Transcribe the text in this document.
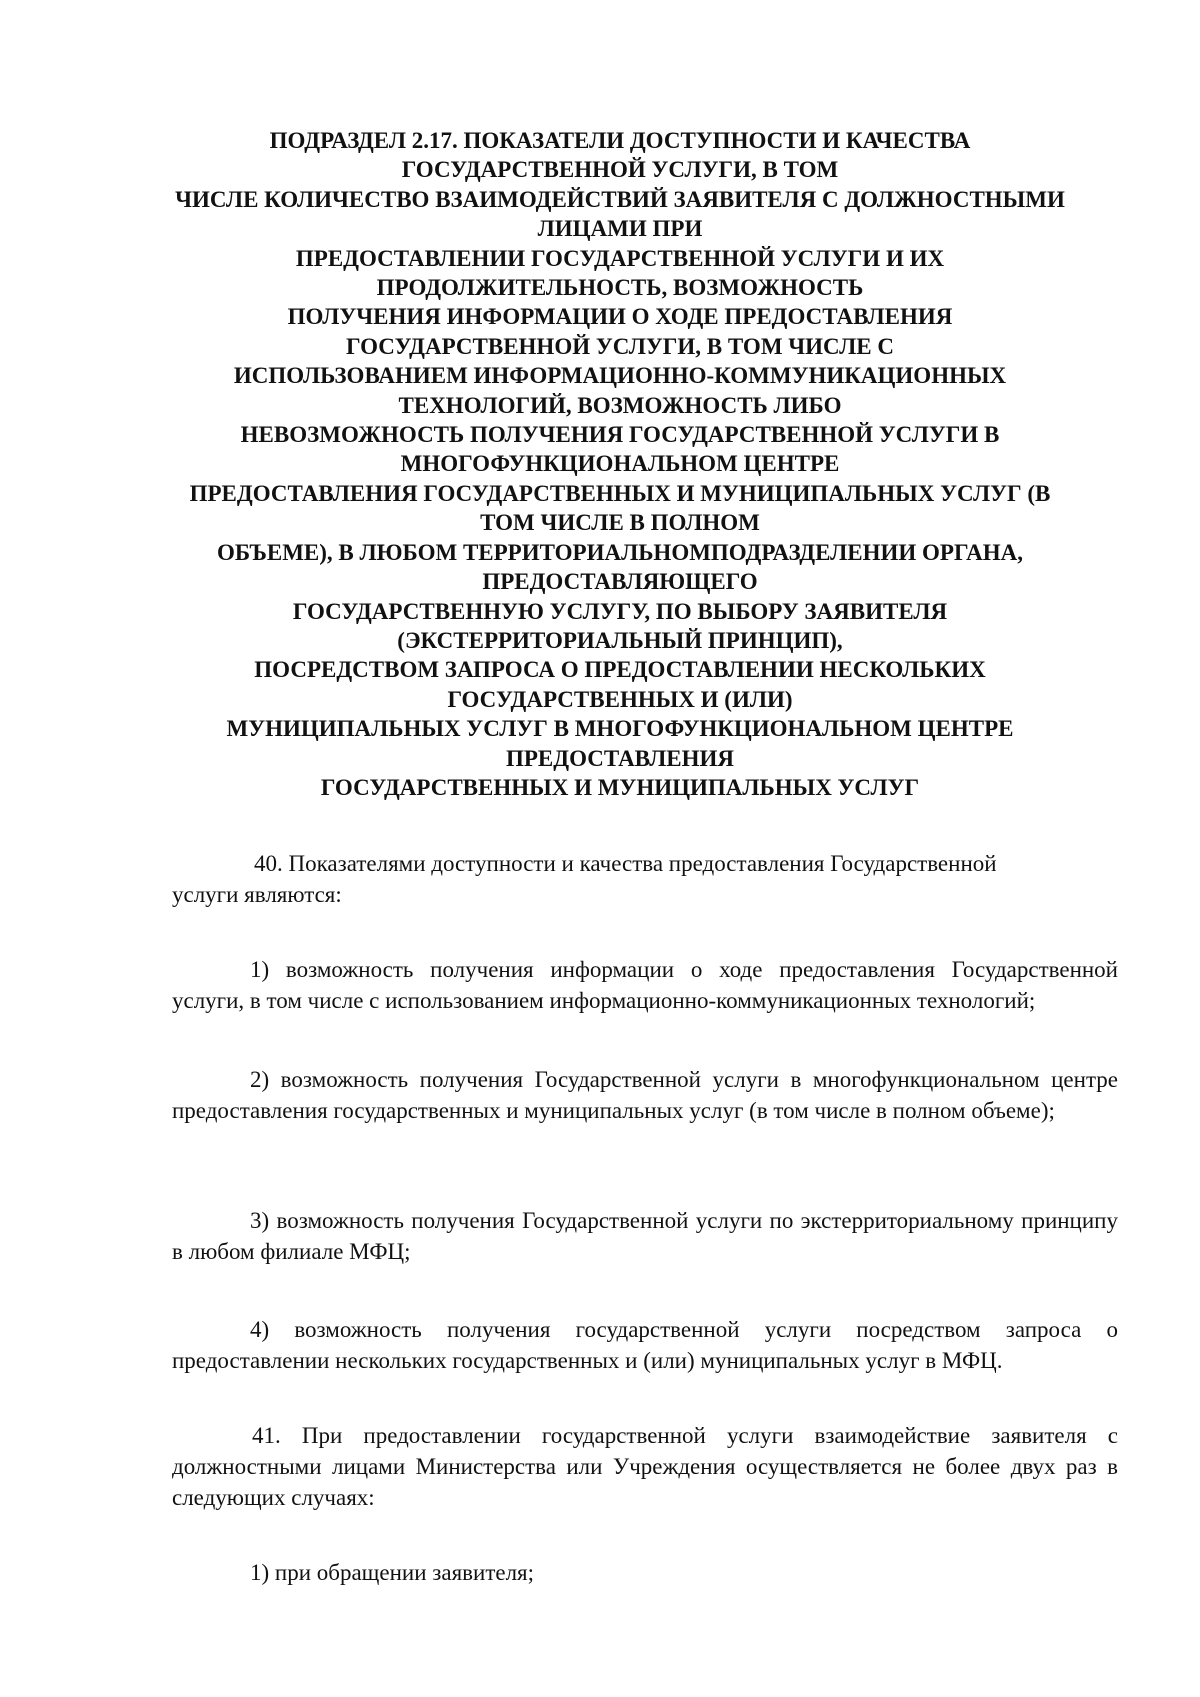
ПОДРАЗДЕЛ 2.17. ПОКАЗАТЕЛИ ДОСТУПНОСТИ И КАЧЕСТВА
ГОСУДАРСТВЕННОЙ УСЛУГИ, В ТОМ
ЧИСЛЕ КОЛИЧЕСТВО ВЗАИМОДЕЙСТВИЙ ЗАЯВИТЕЛЯ С ДОЛЖНОСТНЫМИ
ЛИЦАМИ ПРИ
ПРЕДОСТАВЛЕНИИ ГОСУДАРСТВЕННОЙ УСЛУГИ И ИХ
ПРОДОЛЖИТЕЛЬНОСТЬ, ВОЗМОЖНОСТЬ
ПОЛУЧЕНИЯ ИНФОРМАЦИИ О ХОДЕ ПРЕДОСТАВЛЕНИЯ
ГОСУДАРСТВЕННОЙ УСЛУГИ, В ТОМ ЧИСЛЕ С
ИСПОЛЬЗОВАНИЕМ ИНФОРМАЦИОННО-КОММУНИКАЦИОННЫХ
ТЕХНОЛОГИЙ, ВОЗМОЖНОСТЬ ЛИБО
НЕВОЗМОЖНОСТЬ ПОЛУЧЕНИЯ ГОСУДАРСТВЕННОЙ УСЛУГИ В
МНОГОФУНКЦИОНАЛЬНОМ ЦЕНТРЕ
ПРЕДОСТАВЛЕНИЯ ГОСУДАРСТВЕННЫХ И МУНИЦИПАЛЬНЫХ УСЛУГ (В
ТОМ ЧИСЛЕ В ПОЛНОМ
ОБЪЕМЕ), В ЛЮБОМ ТЕРРИТОРИАЛЬНОМПОДРАЗДЕЛЕНИИ ОРГАНА,
ПРЕДОСТАВЛЯЮЩЕГО
ГОСУДАРСТВЕННУЮ УСЛУГУ, ПО ВЫБОРУ ЗАЯВИТЕЛЯ
(ЭКСТЕРРИТОРИАЛЬНЫЙ ПРИНЦИП),
ПОСРЕДСТВОМ ЗАПРОСА О ПРЕДОСТАВЛЕНИИ НЕСКОЛЬКИХ
ГОСУДАРСТВЕННЫХ И (ИЛИ)
МУНИЦИПАЛЬНЫХ УСЛУГ В МНОГОФУНКЦИОНАЛЬНОМ ЦЕНТРЕ
ПРЕДОСТАВЛЕНИЯ
ГОСУДАРСТВЕННЫХ И МУНИЦИПАЛЬНЫХ УСЛУГ
40. Показателями доступности и качества предоставления Государственной
услуги являются:
1) возможность получения информации о ходе предоставления Государственной услуги, в том числе с использованием информационно-коммуникационных технологий;
2) возможность получения Государственной услуги в многофункциональном центре предоставления государственных и муниципальных услуг (в том числе в полном объеме);
3) возможность получения Государственной услуги по экстерриториальному принципу в любом филиале МФЦ;
4) возможность получения государственной услуги посредством запроса о предоставлении нескольких государственных и (или) муниципальных услуг в МФЦ.
41. При предоставлении государственной услуги взаимодействие заявителя с должностными лицами Министерства или Учреждения осуществляется не более двух раз в следующих случаях:
1) при обращении заявителя;
